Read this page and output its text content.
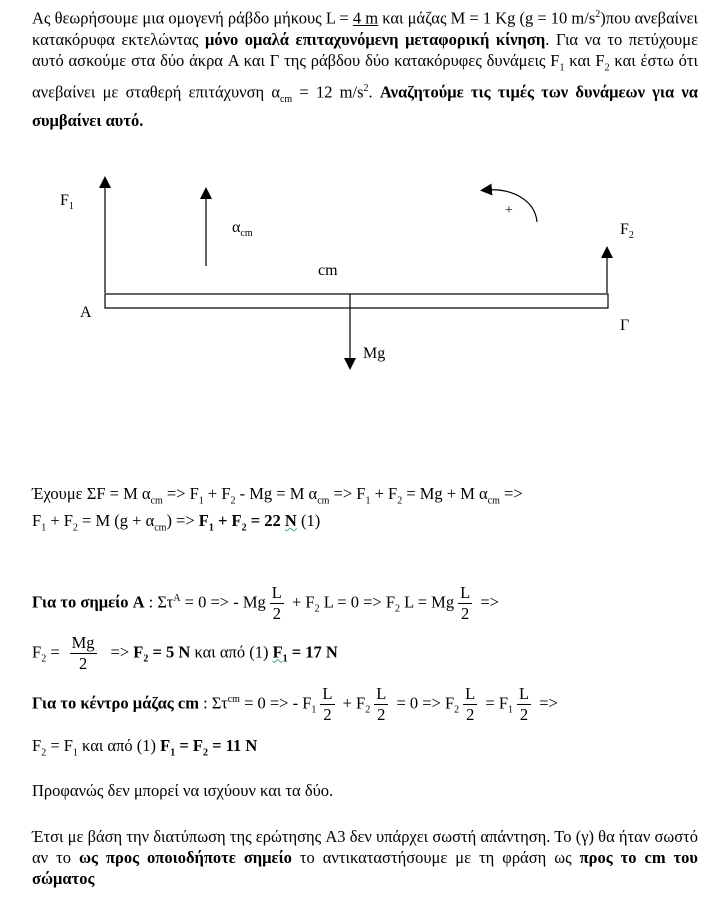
Ας θεωρήσουμε μια ομογενή ράβδο μήκους L = 4 m και μάζας M = 1 Kg (g = 10 $m/s^2)\pi o\upsilon$ ανεβαίνει κατακόρυφα εκτελώντας μόνο ομαλά επιταχυνόμενη μεταφορική κίνηση. Για να το πετύχουμε αυτό ασκούμε στα δύο άκρα A και Γ της ράβδου δύο κατακόρυφες δυνάμεις $F_1$ και $F_2$ και έστω ότι ανεβαίνει με σταθερή επιτάχυνση $\alpha_{cm} = 12$ $m/s^2$. Αναζητούμε τις τιμές των δυνάμεων για να συμβαίνει αυτό.
$F_1$
$\alpha_{cm}$
+
$F_2$
cm
Mg
A
Γ
Έχουμε ΣF = M $\alpha_{cm} => F_1 + F_2 - Mg = M$ $\alpha_{cm} => F_1 + F_2 = Mg + M$ $\alpha_{cm}$ =>
$F_1 + F_2 = M$ $(g + \alpha_{cm}) => F_1 + F_2 = 22$ N (1)
Για το σημείο A : $\Sigma\tau^A = 0$ => - Mg $\frac{L}{2} + F_2$ $L = 0 => F_2$ L = Mg $\frac{L}{2}$ =>
$F_2 = \frac{Mg}{2} => F_2 = 5$ N και από (1) $F_1 = 17$ N
Για το κέντρο μάζας cm : $\Sigma\tau^{cm} = 0$ => - $F_1 \frac{L}{2} + F_2 \frac{L}{2} = 0 => F_2 \frac{L}{2} = F_1 \frac{L}{2}$ =>
$F_2 = F_1$ και από (1) $F_1 = F_2 = 11$ N
Προφανώς δεν μπορεί να ισχύουν και τα δύο.
Έτσι με βάση την διατύπωση της ερώτησης A3 δεν υπάρχει σωστή απάντηση. Το (γ) θα ήταν σωστό αν το ως προς οποιοδήποτε σημείο το αντικαταστήσουμε με τη φράση ως προς το cm του σώματος
